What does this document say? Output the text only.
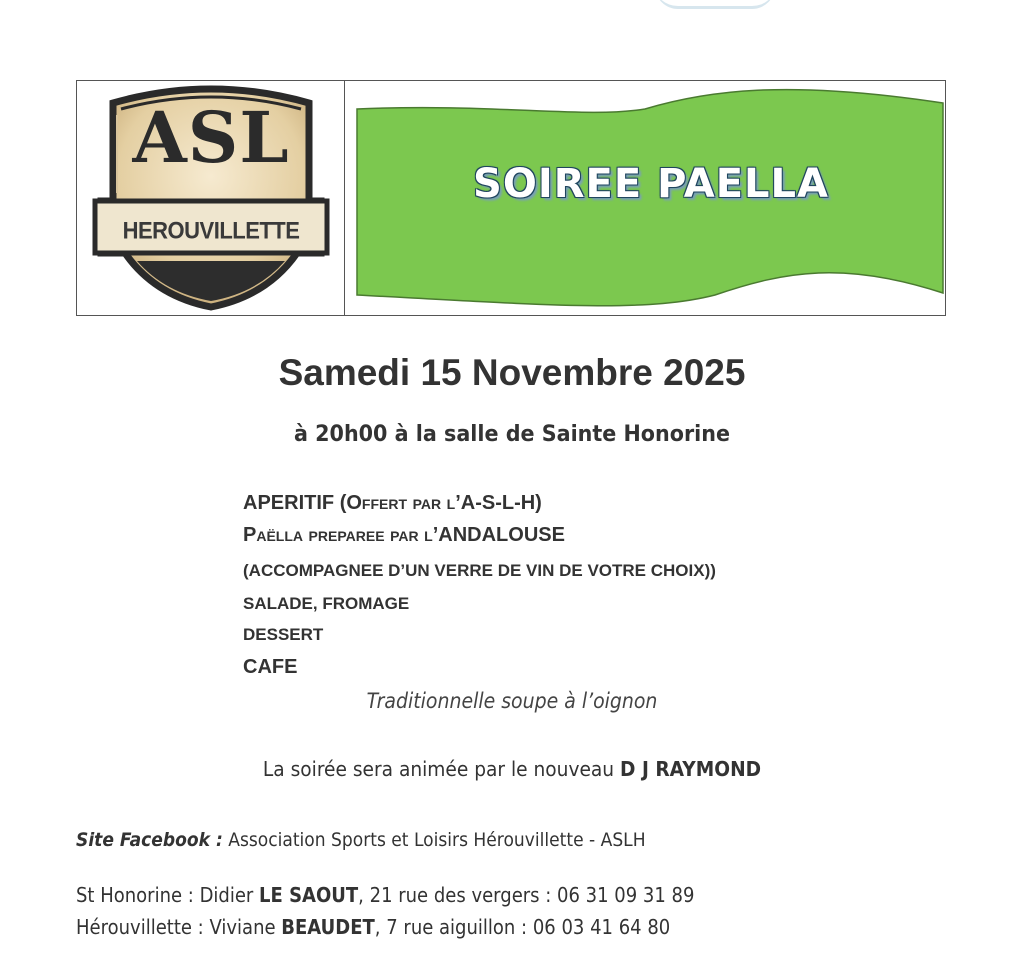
ASL
HEROUVILLETTE
SOIREE PAELLA
Samedi 15 Novembre 2025
à 20h00 à la salle de Sainte Honorine
APERITIF (Offert par l’A-S-L-H)
Paëlla preparee par l’ANDALOUSE
(ACCOMPAGNEE D’UN VERRE DE VIN DE VOTRE CHOIX))
SALADE, FROMAGE
DESSERT
CAFE
Traditionnelle soupe à l’oignon
La soirée sera animée par le nouveau D J RAYMOND
Site Facebook : Association Sports et Loisirs Hérouvillette - ASLH
St Honorine : Didier LE SAOUT, 21 rue des vergers : 06 31 09 31 89
Hérouvillette : Viviane BEAUDET, 7 rue aiguillon : 06 03 41 64 80
